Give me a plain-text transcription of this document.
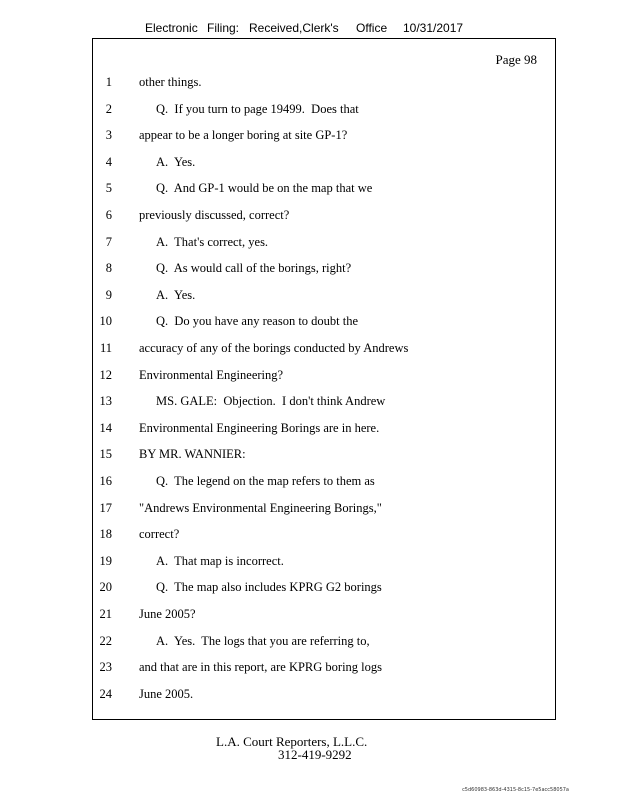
Electronic Filing: Received,Clerk's Office 10/31/2017
Page 98
1 other things.
2	Q.  If you turn to page 19499.  Does that
3 appear to be a longer boring at site GP-1?
4	A.  Yes.
5	Q.  And GP-1 would be on the map that we
6 previously discussed, correct?
7	A.  That's correct, yes.
8	Q.  As would call of the borings, right?
9	A.  Yes.
10	Q.  Do you have any reason to doubt the
11 accuracy of any of the borings conducted by Andrews
12 Environmental Engineering?
13	MS. GALE:  Objection.  I don't think Andrew
14 Environmental Engineering Borings are in here.
15 BY MR. WANNIER:
16	Q.  The legend on the map refers to them as
17 "Andrews Environmental Engineering Borings,"
18 correct?
19	A.  That map is incorrect.
20	Q.  The map also includes KPRG G2 borings
21 June 2005?
22	A.  Yes.  The logs that you are referring to,
23 and that are in this report, are KPRG boring logs
24 June 2005.
L.A. Court Reporters, L.L.C.
312-419-9292
c5d60983-863d-4315-8c15-7e5acc58057a
